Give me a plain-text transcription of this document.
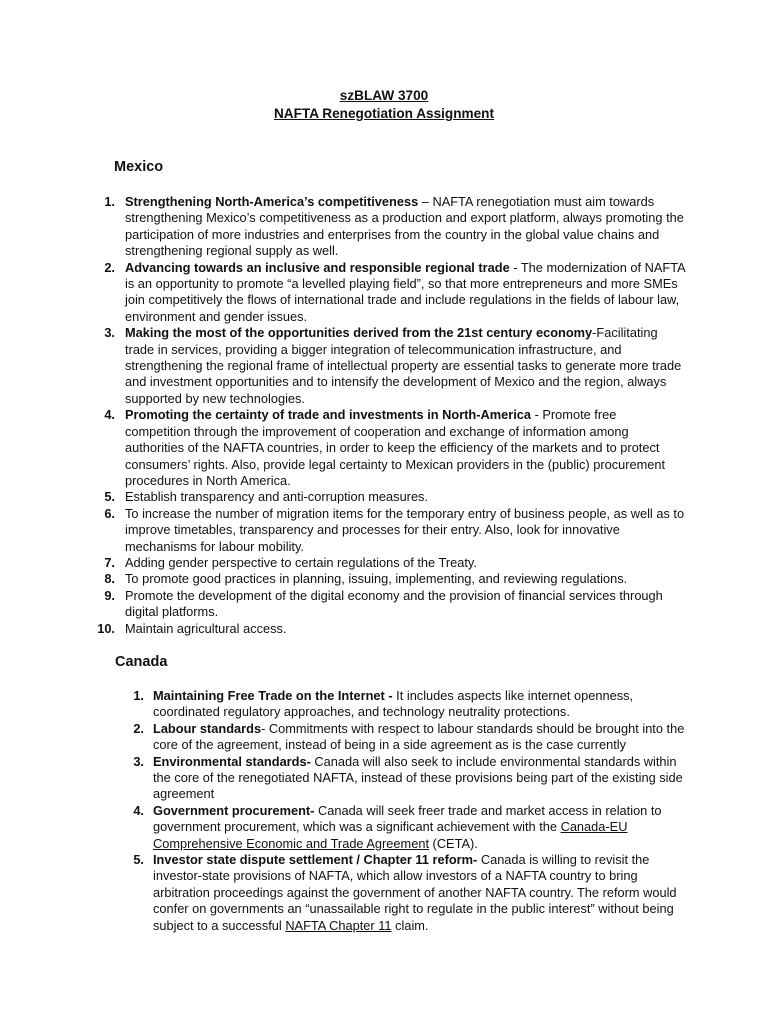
szBLAW 3700
NAFTA Renegotiation Assignment
Mexico
1. Strengthening North-America’s competitiveness – NAFTA renegotiation must aim towards strengthening Mexico’s competitiveness as a production and export platform, always promoting the participation of more industries and enterprises from the country in the global value chains and strengthening regional supply as well.
2. Advancing towards an inclusive and responsible regional trade - The modernization of NAFTA is an opportunity to promote “a levelled playing field”, so that more entrepreneurs and more SMEs join competitively the flows of international trade and include regulations in the fields of labour law, environment and gender issues.
3. Making the most of the opportunities derived from the 21st century economy-Facilitating trade in services, providing a bigger integration of telecommunication infrastructure, and strengthening the regional frame of intellectual property are essential tasks to generate more trade and investment opportunities and to intensify the development of Mexico and the region, always supported by new technologies.
4. Promoting the certainty of trade and investments in North-America - Promote free competition through the improvement of cooperation and exchange of information among authorities of the NAFTA countries, in order to keep the efficiency of the markets and to protect consumers’ rights. Also, provide legal certainty to Mexican providers in the (public) procurement procedures in North America.
5. Establish transparency and anti-corruption measures.
6. To increase the number of migration items for the temporary entry of business people, as well as to improve timetables, transparency and processes for their entry. Also, look for innovative mechanisms for labour mobility.
7. Adding gender perspective to certain regulations of the Treaty.
8. To promote good practices in planning, issuing, implementing, and reviewing regulations.
9. Promote the development of the digital economy and the provision of financial services through digital platforms.
10. Maintain agricultural access.
Canada
1. Maintaining Free Trade on the Internet - It includes aspects like internet openness, coordinated regulatory approaches, and technology neutrality protections.
2. Labour standards- Commitments with respect to labour standards should be brought into the core of the agreement, instead of being in a side agreement as is the case currently
3. Environmental standards- Canada will also seek to include environmental standards within the core of the renegotiated NAFTA, instead of these provisions being part of the existing side agreement
4. Government procurement- Canada will seek freer trade and market access in relation to government procurement, which was a significant achievement with the Canada-EU Comprehensive Economic and Trade Agreement (CETA).
5. Investor state dispute settlement / Chapter 11 reform- Canada is willing to revisit the investor-state provisions of NAFTA, which allow investors of a NAFTA country to bring arbitration proceedings against the government of another NAFTA country. The reform would confer on governments an “unassailable right to regulate in the public interest” without being subject to a successful NAFTA Chapter 11 claim.
